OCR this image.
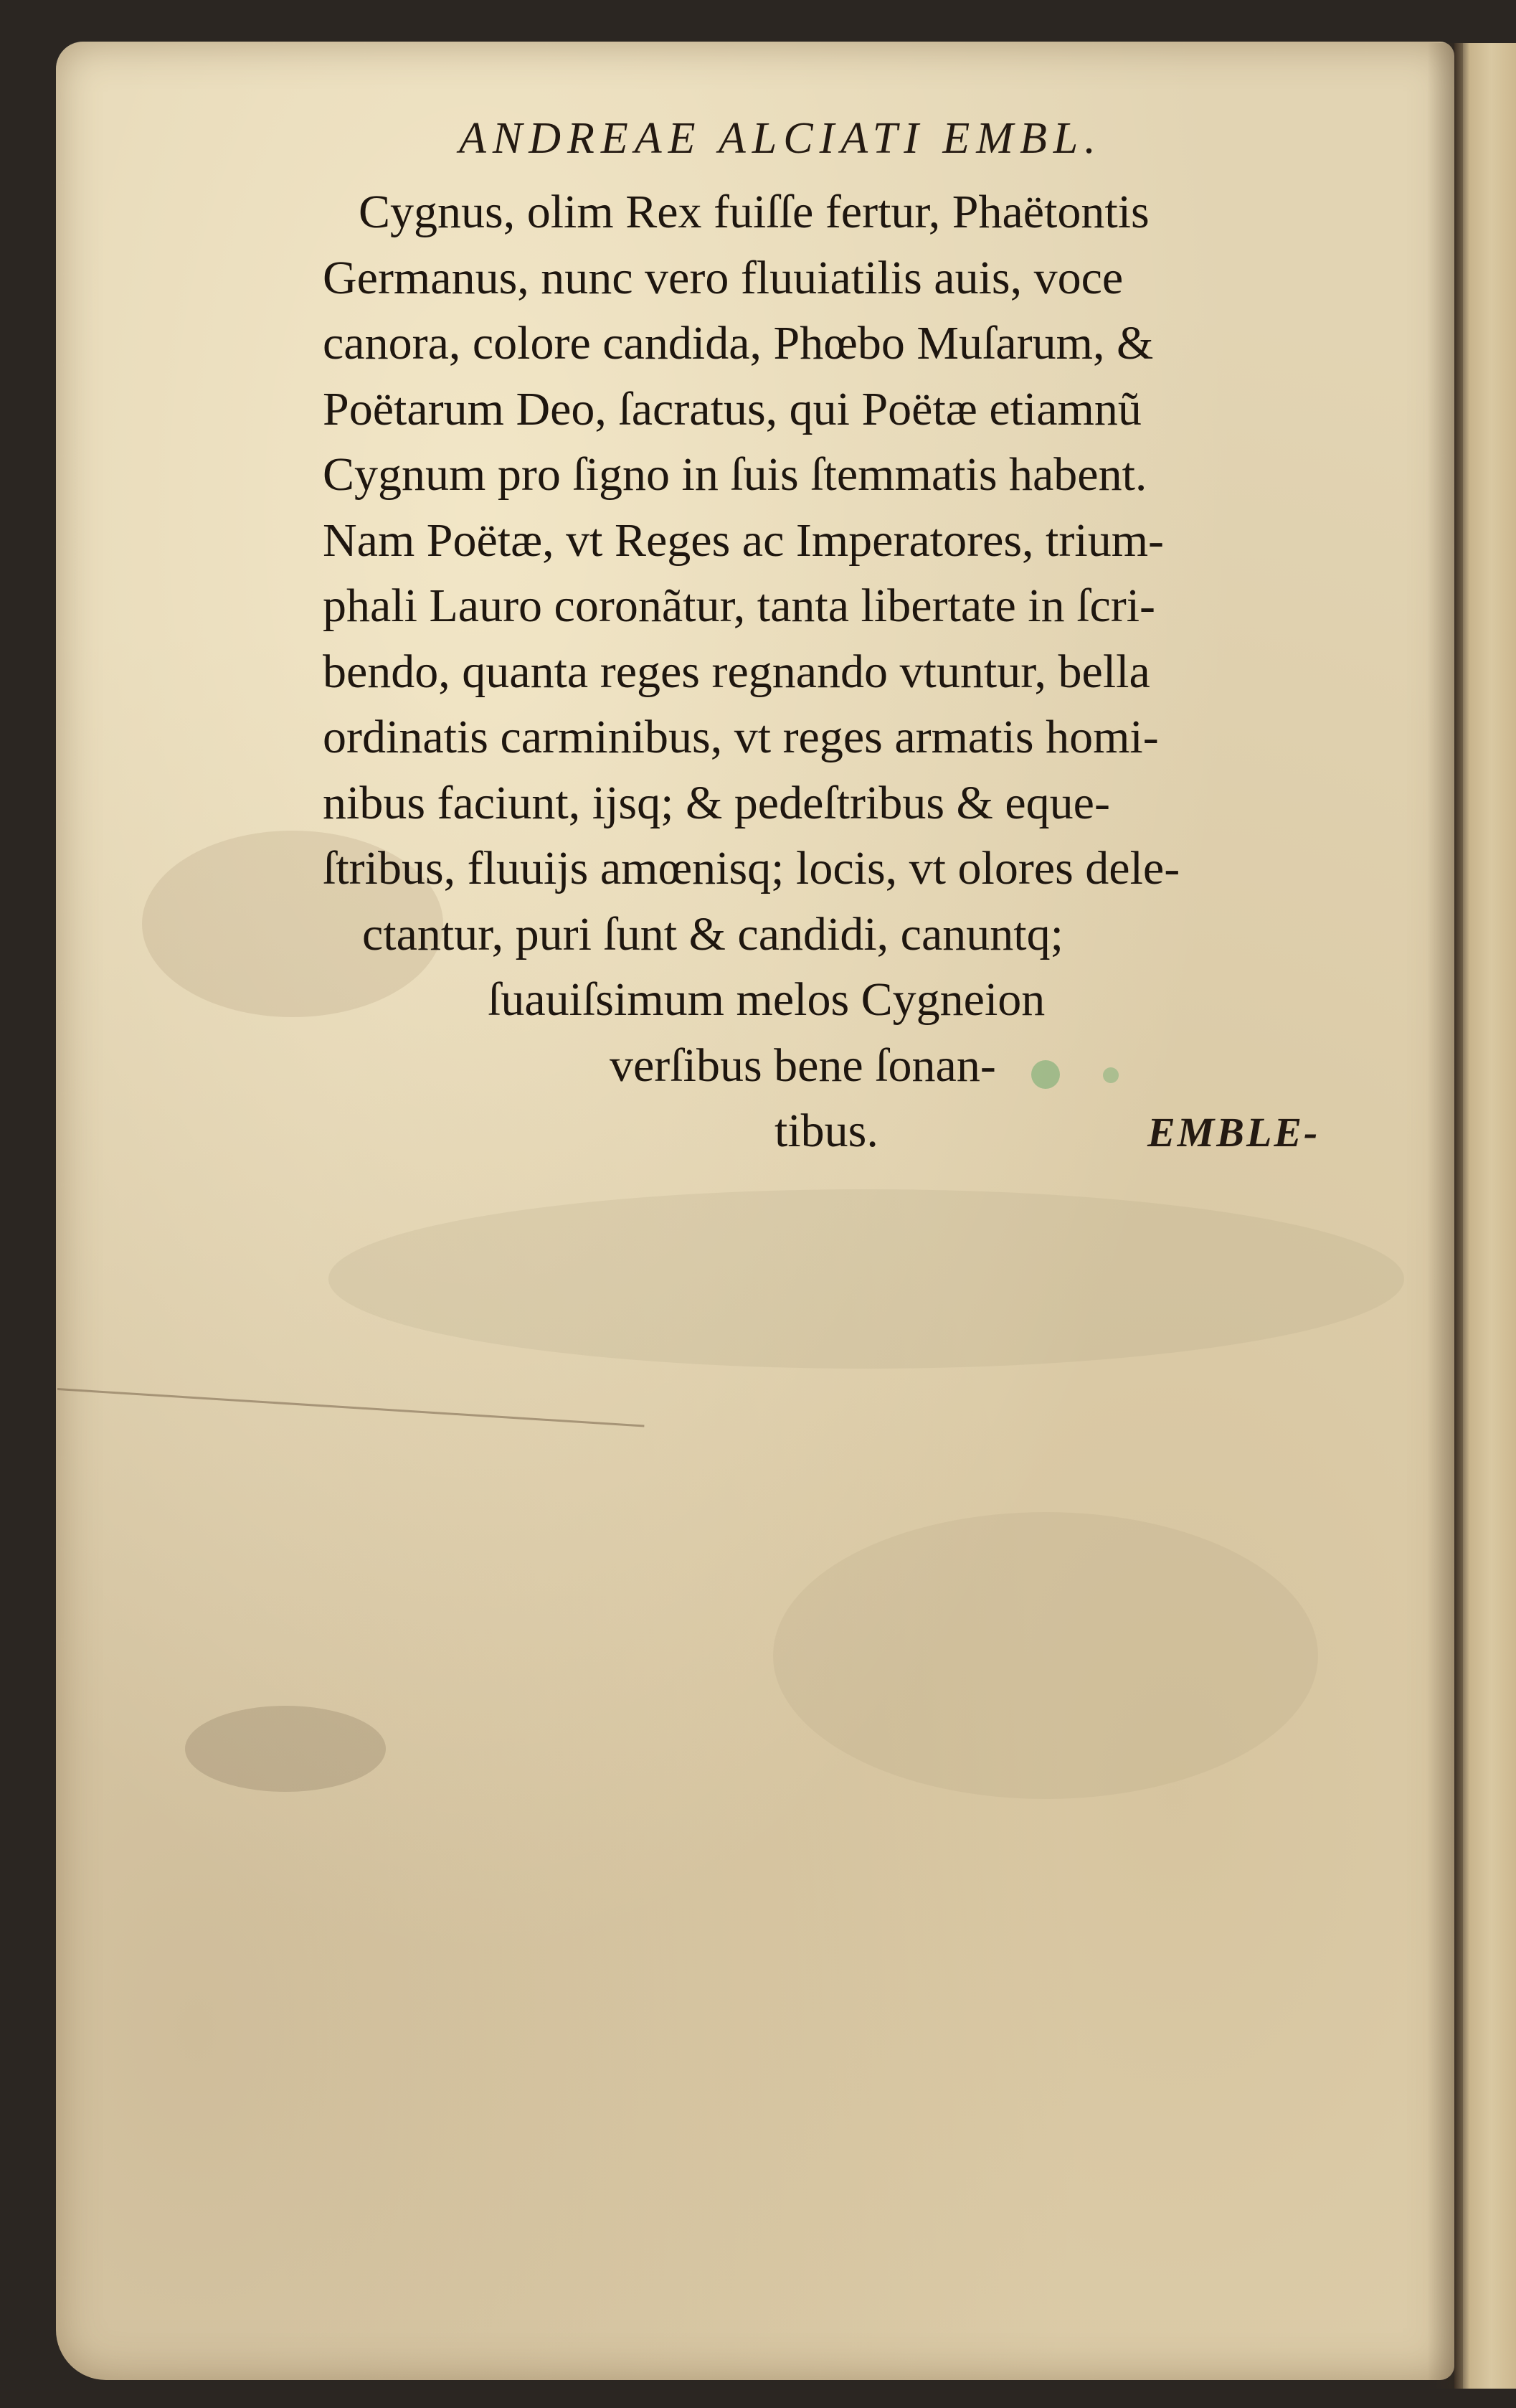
ANDREAE ALCIATI EMBL.
Cygnus, olim Rex fuiſſe fertur, Phaëtontis
Germanus, nunc vero fluuiatilis auis, voce
canora, colore candida, Phœbo Muſarum, &
Poëtarum Deo, ſacratus, qui Poëtæ etiamnũ
Cygnum pro ſigno in ſuis ſtemmatis habent.
Nam Poëtæ, vt Reges ac Imperatores, trium-
phali Lauro coronãtur, tanta libertate in ſcri-
bendo, quanta reges regnando vtuntur, bella
ordinatis carminibus, vt reges armatis homi-
nibus faciunt, ijsq; & pedeſtribus & eque-
ſtribus, fluuijs amœnisq; locis, vt olores dele-
ctantur, puri ſunt & candidi, canuntq;
ſuauiſsimum melos Cygneion
verſibus bene ſonan-
tibus.	EMBLE-
